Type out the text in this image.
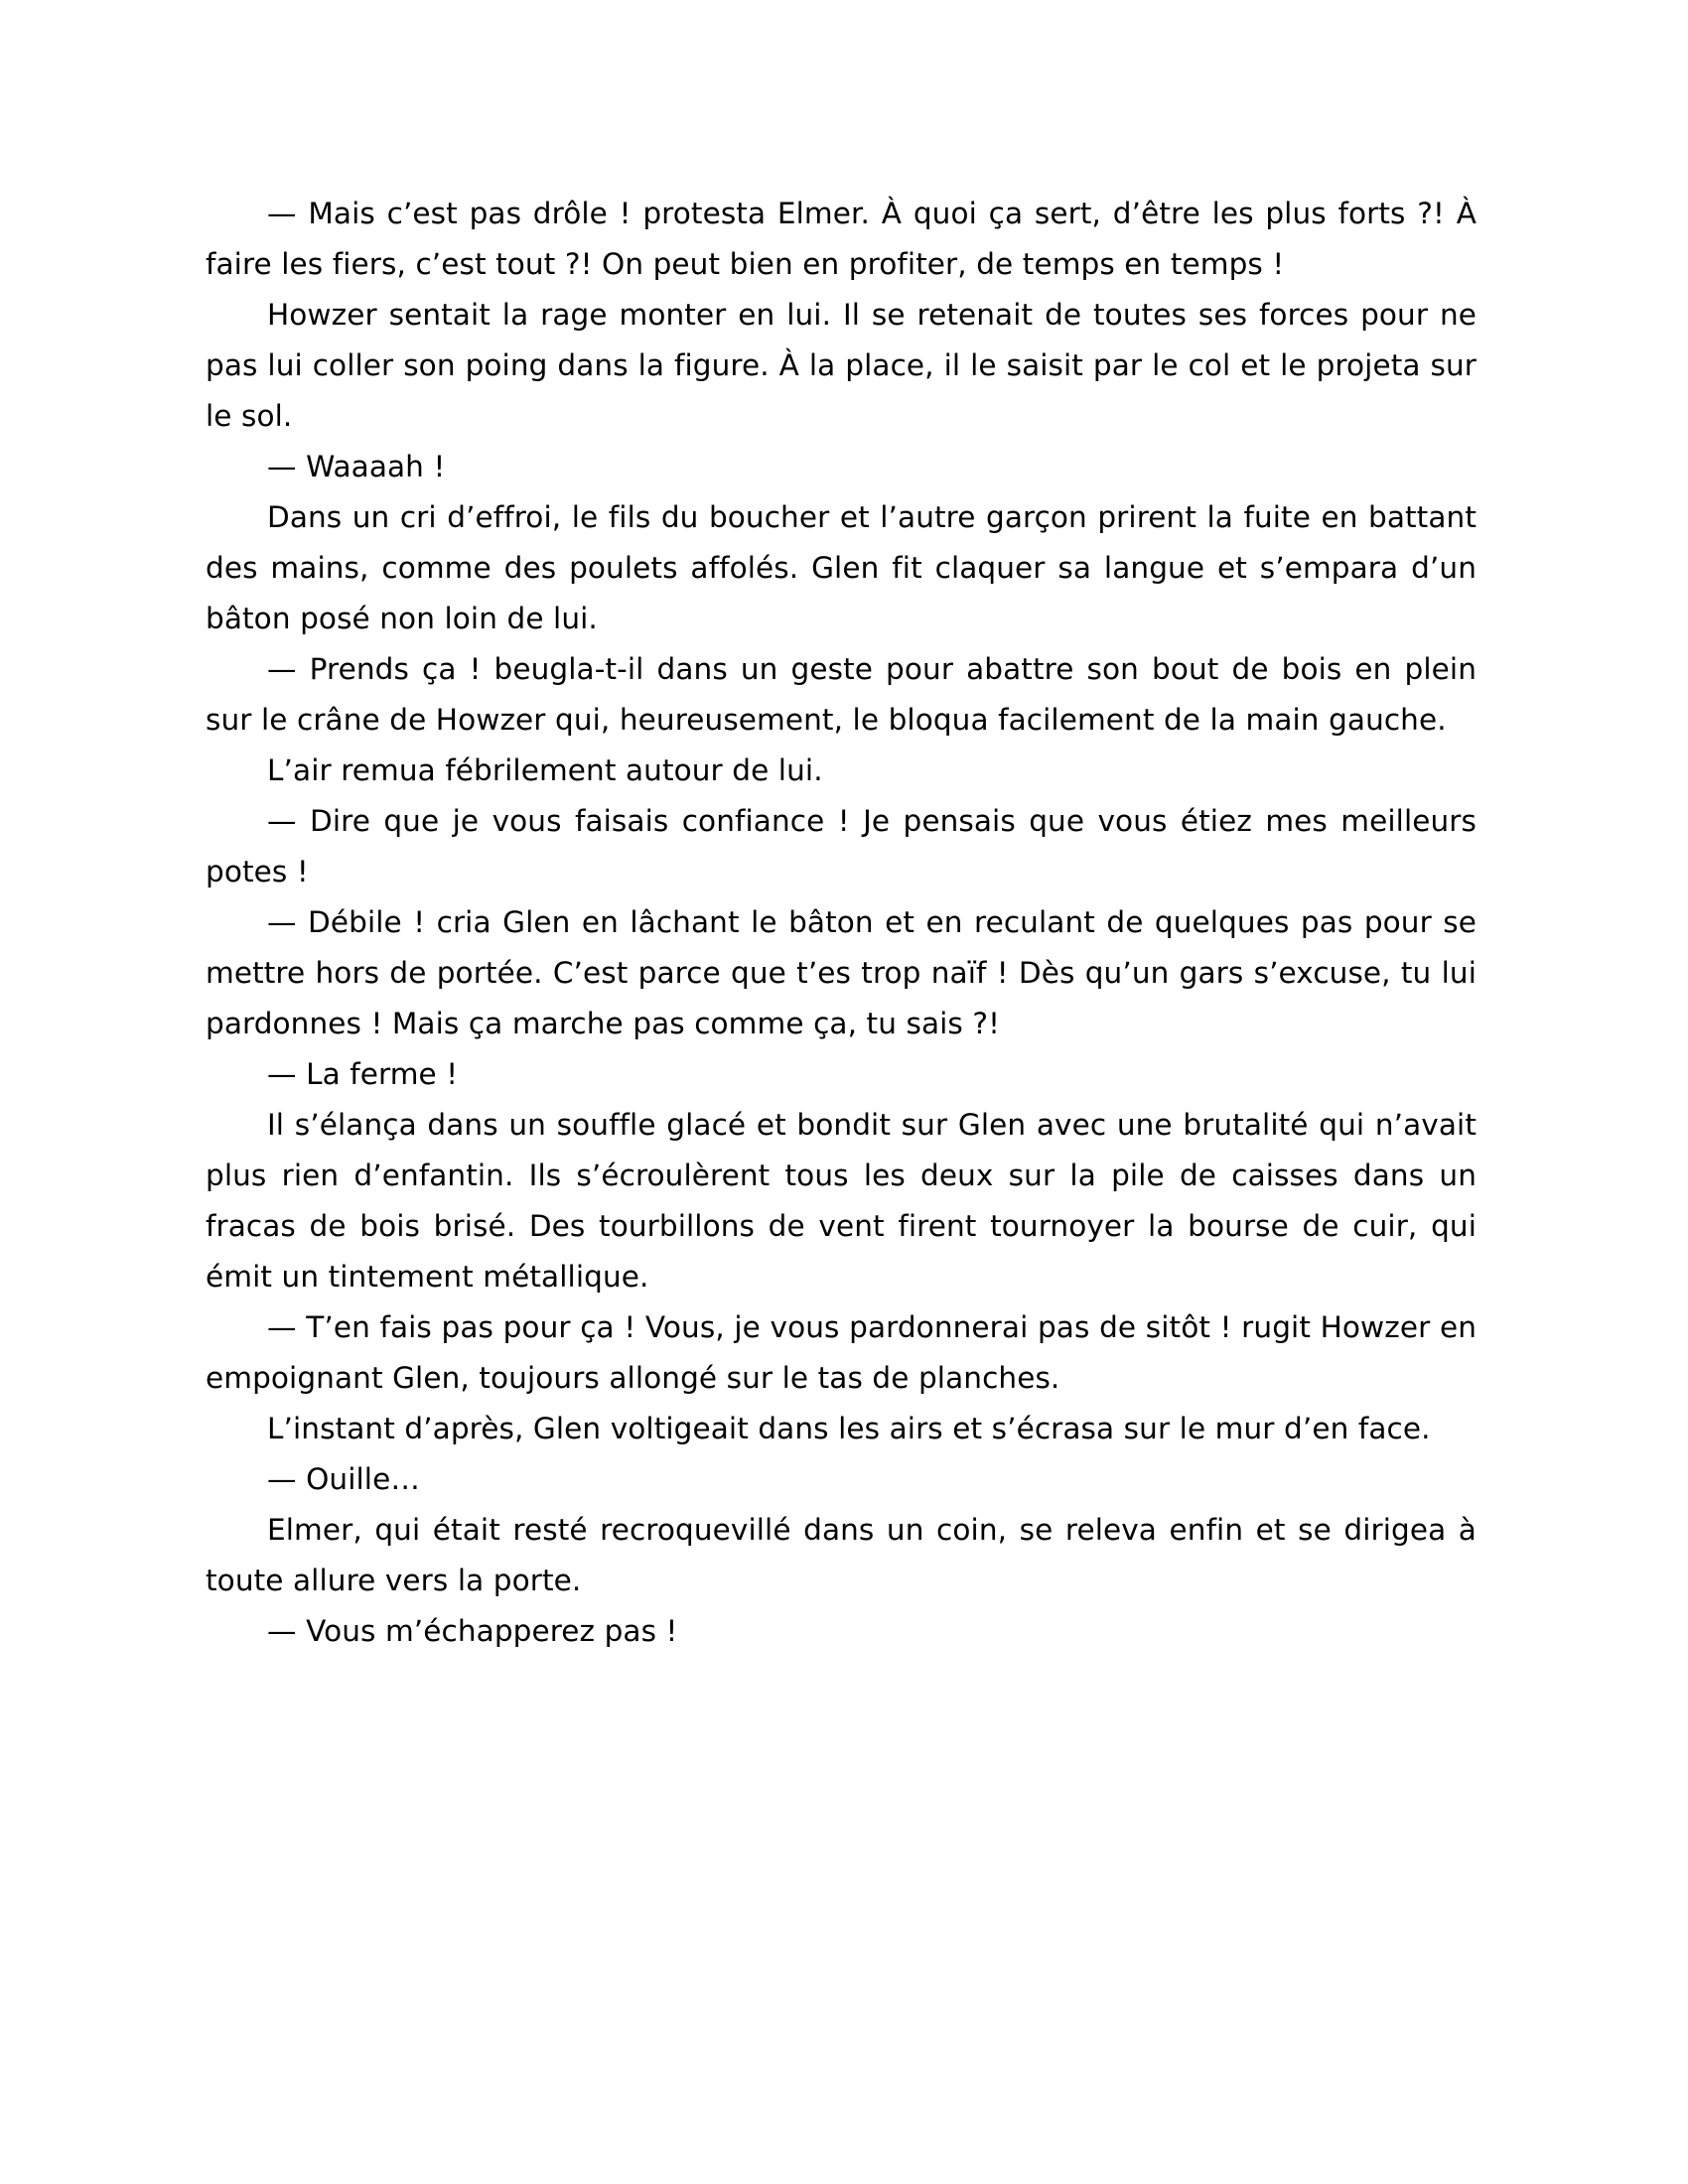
— Mais c’est pas drôle ! protesta Elmer. À quoi ça sert, d’être les plus forts ?! À faire les fiers, c’est tout ?! On peut bien en profiter, de temps en temps !

Howzer sentait la rage monter en lui. Il se retenait de toutes ses forces pour ne pas lui coller son poing dans la figure. À la place, il le saisit par le col et le projeta sur le sol.

— Waaaah !

Dans un cri d’effroi, le fils du boucher et l’autre garçon prirent la fuite en battant des mains, comme des poulets affolés. Glen fit claquer sa langue et s’empara d’un bâton posé non loin de lui.

— Prends ça ! beugla-t-il dans un geste pour abattre son bout de bois en plein sur le crâne de Howzer qui, heureusement, le bloqua facilement de la main gauche.

L’air remua fébrilement autour de lui.

— Dire que je vous faisais confiance ! Je pensais que vous étiez mes meilleurs potes !

— Débile ! cria Glen en lâchant le bâton et en reculant de quelques pas pour se mettre hors de portée. C’est parce que t’es trop naïf ! Dès qu’un gars s’excuse, tu lui pardonnes ! Mais ça marche pas comme ça, tu sais ?!

— La ferme !

Il s’élança dans un souffle glacé et bondit sur Glen avec une brutalité qui n’avait plus rien d’enfantin. Ils s’écroulèrent tous les deux sur la pile de caisses dans un fracas de bois brisé. Des tourbillons de vent firent tournoyer la bourse de cuir, qui émit un tintement métallique.

— T’en fais pas pour ça ! Vous, je vous pardonnerai pas de sitôt ! rugit Howzer en empoignant Glen, toujours allongé sur le tas de planches.

L’instant d’après, Glen voltigeait dans les airs et s’écrasa sur le mur d’en face.

— Ouille…

Elmer, qui était resté recroquevillé dans un coin, se releva enfin et se dirigea à toute allure vers la porte.

— Vous m’échapperez pas !
